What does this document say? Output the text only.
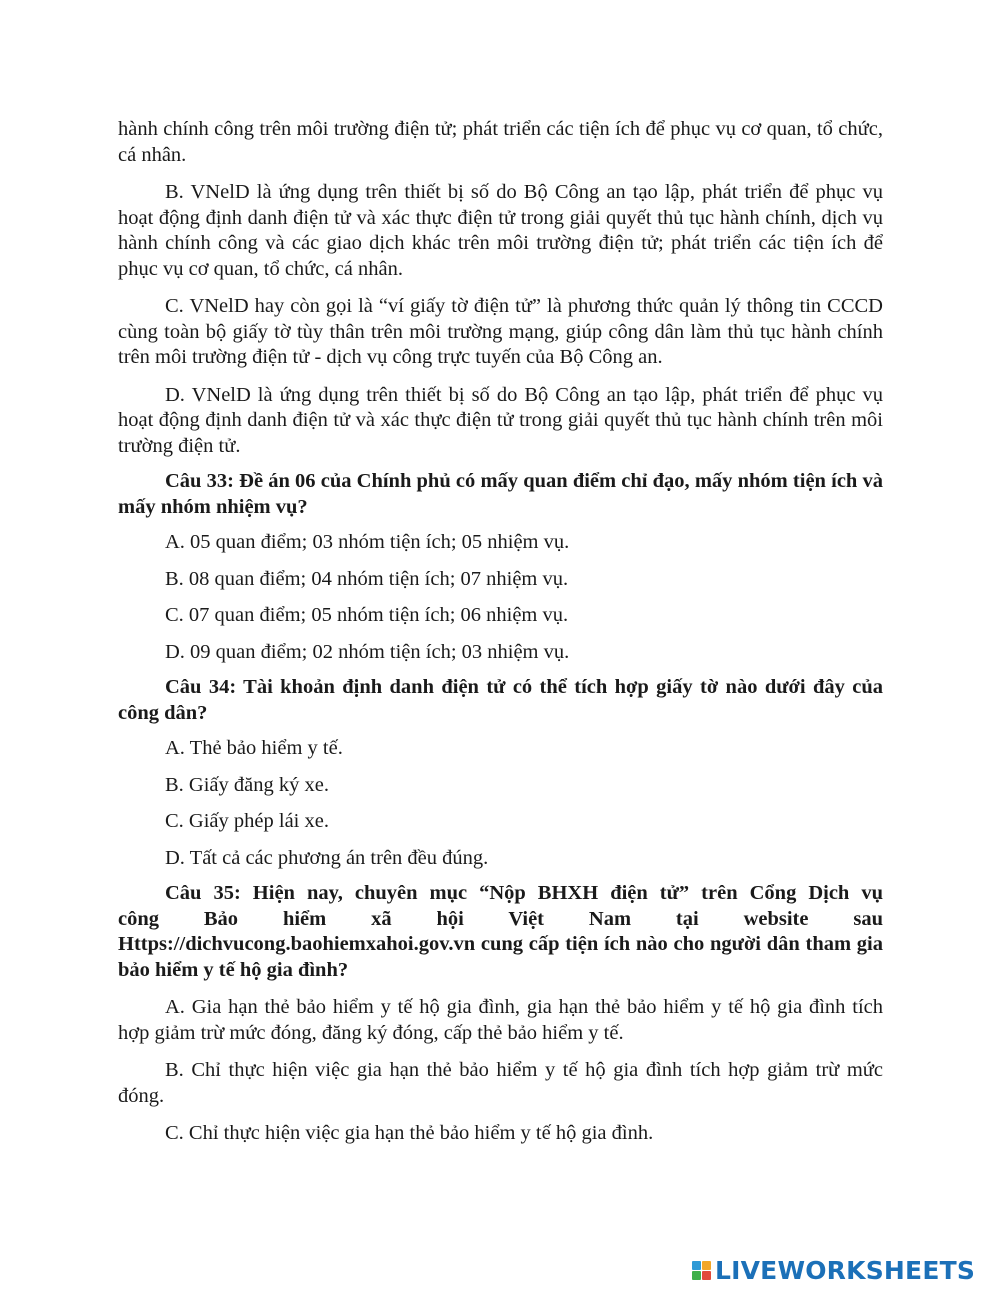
hành chính công trên môi trường điện tử; phát triển các tiện ích để phục vụ cơ quan, tổ chức, cá nhân.

B. VNelD là ứng dụng trên thiết bị số do Bộ Công an tạo lập, phát triển để phục vụ hoạt động định danh điện tử và xác thực điện tử trong giải quyết thủ tục hành chính, dịch vụ hành chính công và các giao dịch khác trên môi trường điện tử; phát triển các tiện ích để phục vụ cơ quan, tổ chức, cá nhân.

C. VNelD hay còn gọi là “ví giấy tờ điện tử” là phương thức quản lý thông tin CCCD cùng toàn bộ giấy tờ tùy thân trên môi trường mạng, giúp công dân làm thủ tục hành chính trên môi trường điện tử - dịch vụ công trực tuyến của Bộ Công an.

D. VNelD là ứng dụng trên thiết bị số do Bộ Công an tạo lập, phát triển để phục vụ hoạt động định danh điện tử và xác thực điện tử trong giải quyết thủ tục hành chính trên môi trường điện tử.

Câu 33: Đề án 06 của Chính phủ có mấy quan điểm chỉ đạo, mấy nhóm tiện ích và mấy nhóm nhiệm vụ?

A. 05 quan điểm; 03 nhóm tiện ích; 05 nhiệm vụ.

B. 08 quan điểm; 04 nhóm tiện ích; 07 nhiệm vụ.

C. 07 quan điểm; 05 nhóm tiện ích; 06 nhiệm vụ.

D. 09 quan điểm; 02 nhóm tiện ích; 03 nhiệm vụ.

Câu 34: Tài khoản định danh điện tử có thể tích hợp giấy tờ nào dưới đây của công dân?

A. Thẻ bảo hiểm y tế.

B. Giấy đăng ký xe.

C. Giấy phép lái xe.

D. Tất cả các phương án trên đều đúng.

Câu 35: Hiện nay, chuyên mục “Nộp BHXH điện tử” trên Cổng Dịch vụ

công Bảo hiểm xã hội Việt Nam tại website sau

Https://dichvucong.baohiemxahoi.gov.vn cung cấp tiện ích nào cho người dân tham gia bảo hiểm y tế hộ gia đình?

A. Gia hạn thẻ bảo hiểm y tế hộ gia đình, gia hạn thẻ bảo hiểm y tế hộ gia đình tích hợp giảm trừ mức đóng, đăng ký đóng, cấp thẻ bảo hiểm y tế.

B. Chỉ thực hiện việc gia hạn thẻ bảo hiểm y tế hộ gia đình tích hợp giảm trừ mức đóng.

C. Chỉ thực hiện việc gia hạn thẻ bảo hiểm y tế hộ gia đình.

LIVEWORKSHEETS
